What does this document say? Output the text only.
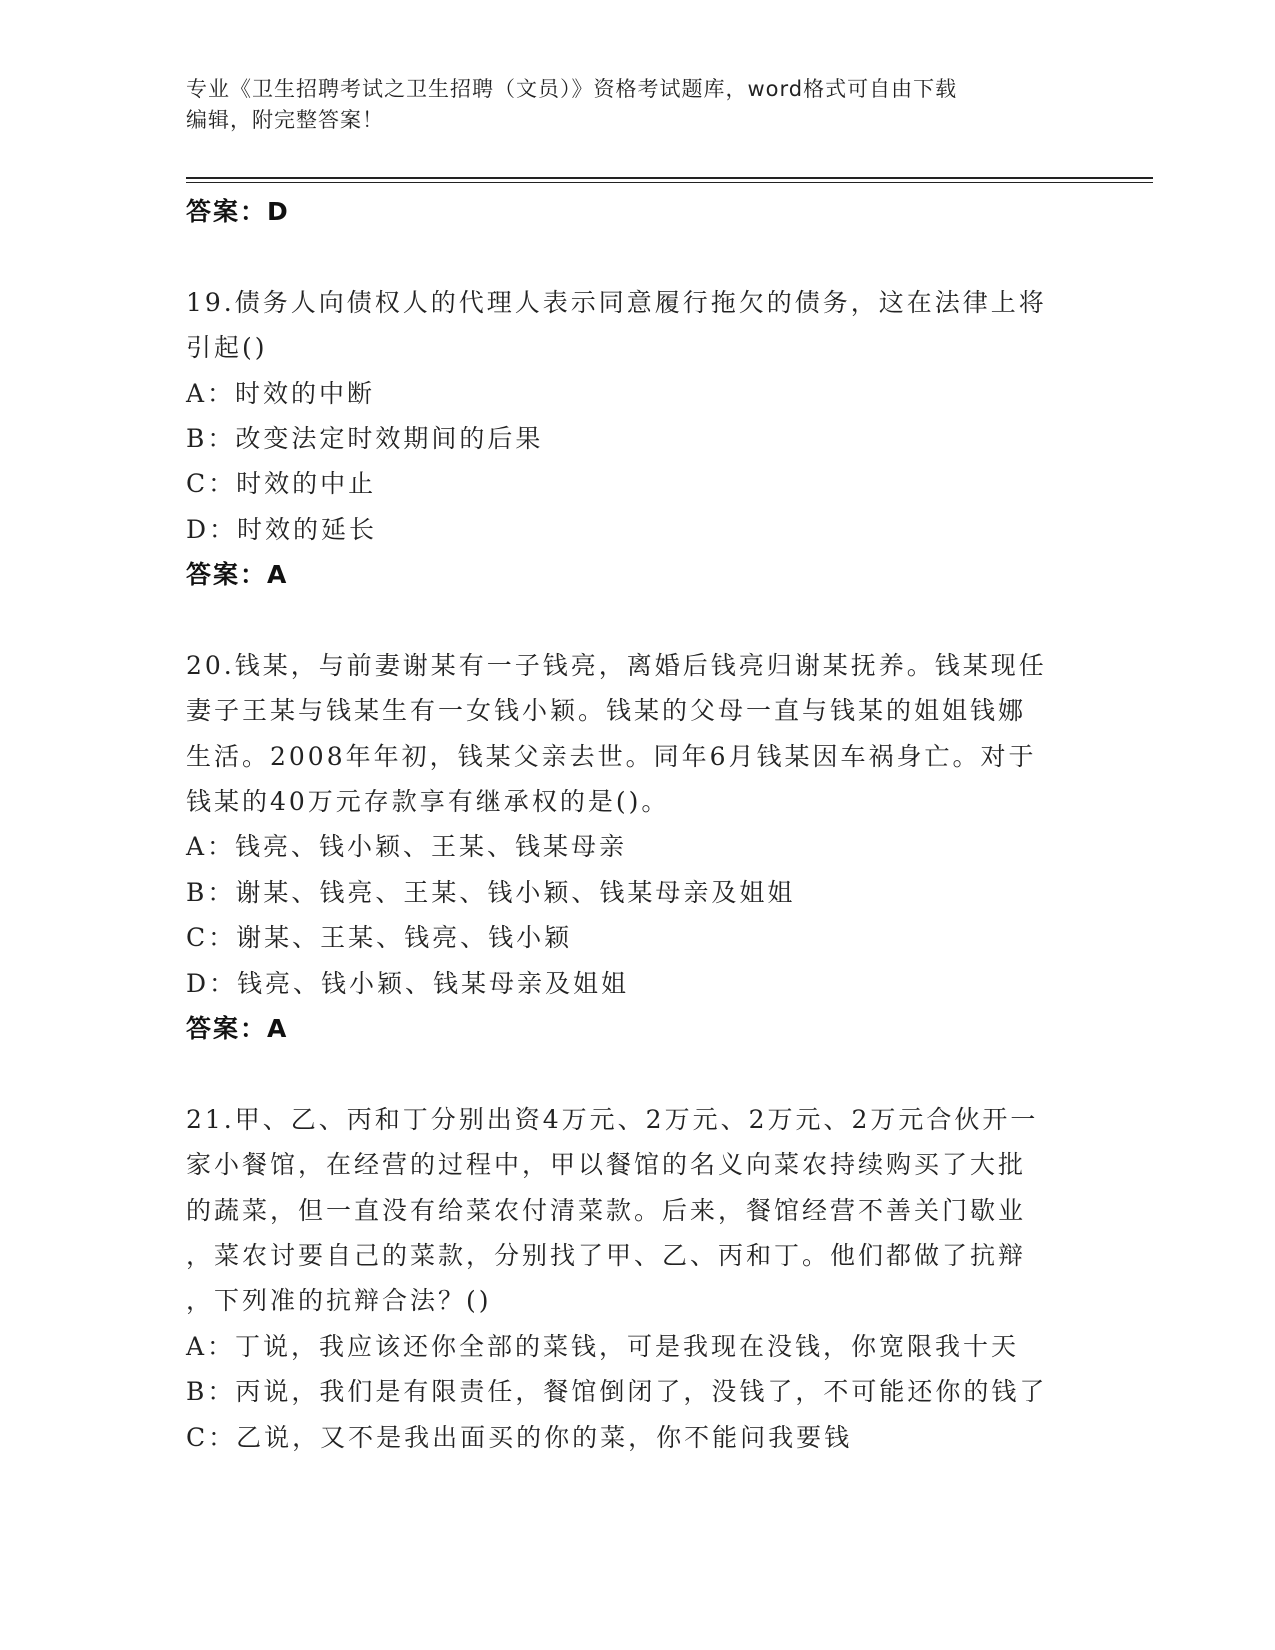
专业《卫生招聘考试之卫生招聘（文员）》资格考试题库，word格式可自由下载
编辑，附完整答案！
答案：D
19.债务人向债权人的代理人表示同意履行拖欠的债务，这在法律上将
引起()
A：时效的中断
B：改变法定时效期间的后果
C：时效的中止
D：时效的延长
答案：A
20.钱某，与前妻谢某有一子钱亮，离婚后钱亮归谢某抚养。钱某现任
妻子王某与钱某生有一女钱小颖。钱某的父母一直与钱某的姐姐钱娜
生活。2008年年初，钱某父亲去世。同年6月钱某因车祸身亡。对于
钱某的40万元存款享有继承权的是()。
A：钱亮、钱小颖、王某、钱某母亲
B：谢某、钱亮、王某、钱小颖、钱某母亲及姐姐
C：谢某、王某、钱亮、钱小颖
D：钱亮、钱小颖、钱某母亲及姐姐
答案：A
21.甲、乙、丙和丁分别出资4万元、2万元、2万元、2万元合伙开一
家小餐馆，在经营的过程中，甲以餐馆的名义向菜农持续购买了大批
的蔬菜，但一直没有给菜农付清菜款。后来，餐馆经营不善关门歇业
，菜农讨要自己的菜款，分别找了甲、乙、丙和丁。他们都做了抗辩
，下列准的抗辩合法？()
A：丁说，我应该还你全部的菜钱，可是我现在没钱，你宽限我十天
B：丙说，我们是有限责任，餐馆倒闭了，没钱了，不可能还你的钱了
C：乙说，又不是我出面买的你的菜，你不能问我要钱
